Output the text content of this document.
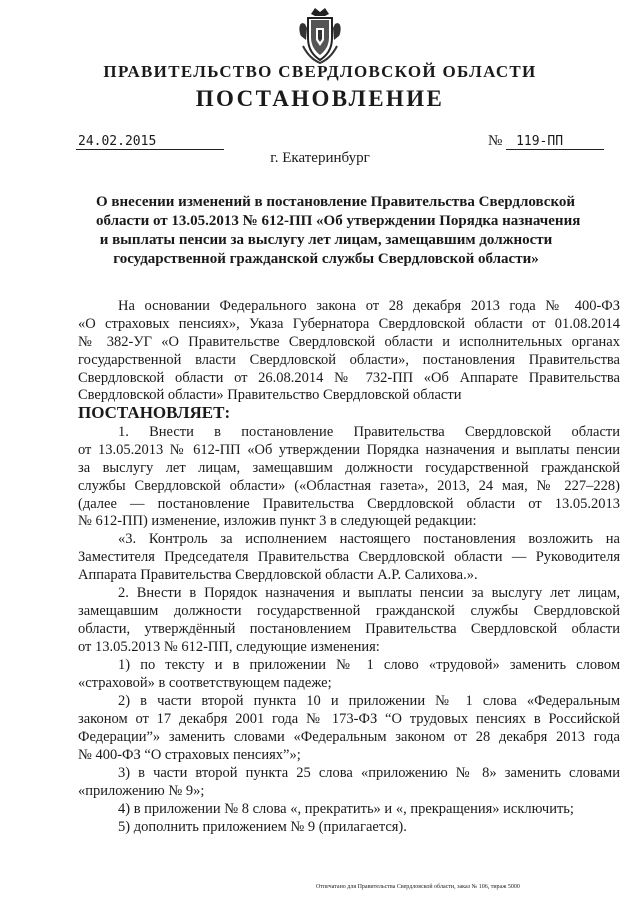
ПРАВИТЕЛЬСТВО СВЕРДЛОВСКОЙ ОБЛАСТИ
ПОСТАНОВЛЕНИЕ
24.02.2015	№ 119-ПП
г. Екатеринбург
О внесении изменений в постановление Правительства Свердловской
области от 13.05.2013 № 612-ПП «Об утверждении Порядка назначения
и выплаты пенсии за выслугу лет лицам, замещавшим должности
государственной гражданской службы Свердловской области»
На основании Федерального закона от 28 декабря 2013 года № 400-ФЗ
«О страховых пенсиях», Указа Губернатора Свердловской области от 01.08.2014
№ 382-УГ «О Правительстве Свердловской области и исполнительных органах
государственной власти Свердловской области», постановления Правительства
Свердловской области от 26.08.2014 № 732-ПП «Об Аппарате Правительства
Свердловской области» Правительство Свердловской области
ПОСТАНОВЛЯЕТ:
1. Внести в постановление Правительства Свердловской области
от 13.05.2013 № 612-ПП «Об утверждении Порядка назначения и выплаты пенсии
за выслугу лет лицам, замещавшим должности государственной гражданской
службы Свердловской области» («Областная газета», 2013, 24 мая, № 227–228)
(далее — постановление Правительства Свердловской области от 13.05.2013
№ 612-ПП) изменение, изложив пункт 3 в следующей редакции:
«3. Контроль за исполнением настоящего постановления возложить на
Заместителя Председателя Правительства Свердловской области — Руководителя
Аппарата Правительства Свердловской области А.Р. Салихова.».
2. Внести в Порядок назначения и выплаты пенсии за выслугу лет лицам,
замещавшим должности государственной гражданской службы Свердловской
области, утверждённый постановлением Правительства Свердловской области
от 13.05.2013 № 612-ПП, следующие изменения:
1) по тексту и в приложении № 1 слово «трудовой» заменить словом
«страховой» в соответствующем падеже;
2) в части второй пункта 10 и приложении № 1 слова «Федеральным
законом от 17 декабря 2001 года № 173-ФЗ “О трудовых пенсиях в Российской
Федерации”» заменить словами «Федеральным законом от 28 декабря 2013 года
№ 400-ФЗ “О страховых пенсиях”»;
3) в части второй пункта 25 слова «приложению № 8» заменить словами
«приложению № 9»;
4) в приложении № 8 слова «, прекратить» и «, прекращения» исключить;
5) дополнить приложением № 9 (прилагается).
Отпечатано для Правительства Свердловской области, заказ № 106, тираж 5000
